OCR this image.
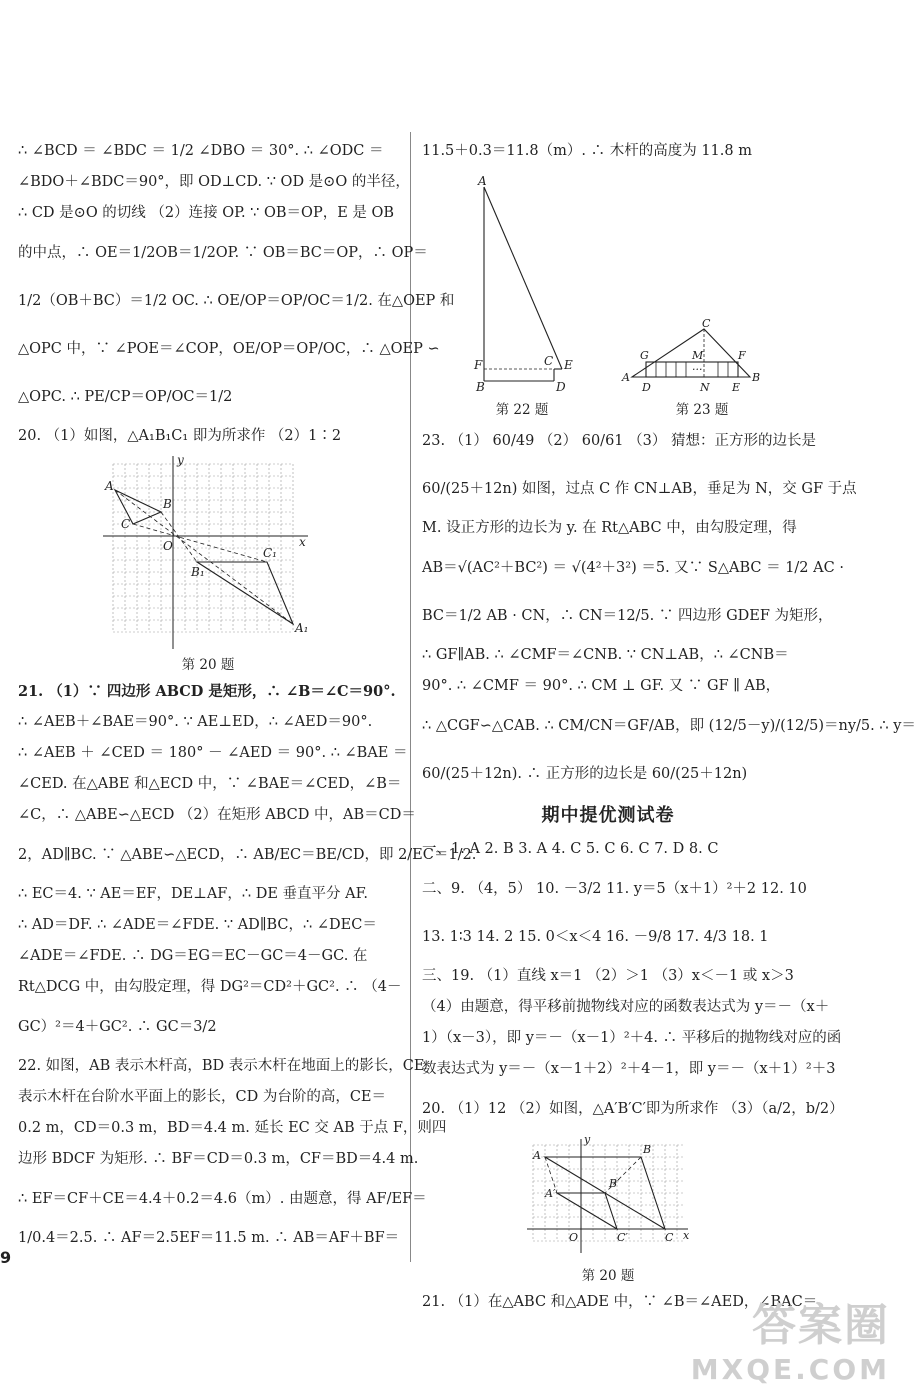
∴ ∠BCD ＝ ∠BDC ＝ 1/2 ∠DBO ＝ 30°. ∴ ∠ODC ＝
∠BDO＋∠BDC＝90°，即 OD⊥CD. ∵ OD 是⊙O 的半径，
∴ CD 是⊙O 的切线 （2）连接 OP. ∵ OB＝OP，E 是 OB
的中点，∴ OE＝1/2OB＝1/2OP. ∵ OB＝BC＝OP，∴ OP＝
1/2（OB＋BC）＝1/2 OC. ∴ OE/OP＝OP/OC＝1/2. 在△OEP 和
△OPC 中，∵ ∠POE＝∠COP，OE/OP＝OP/OC，∴ △OEP ∽
△OPC. ∴ PE/CP＝OP/OC＝1/2
20. （1）如图，△A₁B₁C₁ 即为所求作 （2）1∶2
A
B
C
O	C₁
B₁
A₁
x
y
第 20 题
21. （1）∵ 四边形 ABCD 是矩形，∴ ∠B＝∠C＝90°.
∴ ∠AEB＋∠BAE＝90°. ∵ AE⊥ED，∴ ∠AED＝90°.
∴ ∠AEB ＋ ∠CED ＝ 180° － ∠AED ＝ 90°. ∴ ∠BAE ＝
∠CED. 在△ABE 和△ECD 中，∵ ∠BAE＝∠CED，∠B＝
∠C，∴ △ABE∽△ECD （2）在矩形 ABCD 中，AB＝CD＝
2，AD∥BC. ∵ △ABE∽△ECD，∴ AB/EC＝BE/CD，即 2/EC＝1/2.
∴ EC＝4. ∵ AE＝EF，DE⊥AF，∴ DE 垂直平分 AF.
∴ AD＝DF. ∴ ∠ADE＝∠FDE. ∵ AD∥BC，∴ ∠DEC＝
∠ADE＝∠FDE. ∴ DG＝EG＝EC－GC＝4－GC. 在
Rt△DCG 中，由勾股定理，得 DG²＝CD²＋GC². ∴ （4－
GC）²＝4＋GC². ∴ GC＝3/2
22. 如图，AB 表示木杆高，BD 表示木杆在地面上的影长，CE
表示木杆在台阶水平面上的影长，CD 为台阶的高，CE＝
0.2 m，CD＝0.3 m，BD＝4.4 m. 延长 EC 交 AB 于点 F，则四
边形 BDCF 为矩形. ∴ BF＝CD＝0.3 m，CF＝BD＝4.4 m.
∴ EF＝CF＋CE＝4.4＋0.2＝4.6（m）. 由题意，得 AF/EF＝
1/0.4＝2.5. ∴ AF＝2.5EF＝11.5 m. ∴ AB＝AF＋BF＝
9
11.5＋0.3＝11.8（m）. ∴ 木杆的高度为 11.8 m
A
F	C E
B	D
第 22 题
C
G	M	F
A
D	N E
B
···
第 23 题
23. （1） 60/49 （2） 60/61 （3） 猜想：正方形的边长是
60/(25＋12n) 如图，过点 C 作 CN⊥AB，垂足为 N，交 GF 于点
M. 设正方形的边长为 y. 在 Rt△ABC 中，由勾股定理，得
AB＝√(AC²＋BC²) ＝ √(4²＋3²) ＝5. 又∵ S△ABC ＝ 1/2 AC ·
BC＝1/2 AB · CN，∴ CN＝12/5. ∵ 四边形 GDEF 为矩形，
∴ GF∥AB. ∴ ∠CMF＝∠CNB. ∵ CN⊥AB，∴ ∠CNB＝
90°. ∴ ∠CMF ＝ 90°. ∴ CM ⊥ GF. 又 ∵ GF ∥ AB，
∴ △CGF∽△CAB. ∴ CM/CN＝GF/AB，即 (12/5－y)/(12/5)＝ny/5. ∴ y＝
60/(25＋12n). ∴ 正方形的边长是 60/(25＋12n)
期中提优测试卷
一、1. A 2. B 3. A 4. C 5. C 6. C 7. D 8. C
二、9. （4，5） 10. －3/2 11. y＝5（x＋1）²＋2 12. 10
13. 1∶3 14. 2 15. 0＜x＜4 16. －9/8 17. 4/3 18. 1
三、19. （1）直线 x＝1 （2）＞1 （3）x＜－1 或 x＞3
（4）由题意，得平移前抛物线对应的函数表达式为 y＝－（x＋
1）（x－3），即 y＝－（x－1）²＋4. ∴ 平移后的抛物线对应的函
数表达式为 y＝－（x－1＋2）²＋4－1，即 y＝－（x＋1）²＋3
20. （1）12 （2）如图，△A′B′C′即为所求作 （3）（a/2，b/2）
y
A	B
A′
B′
O	C′	C x
第 20 题
21. （1）在△ABC 和△ADE 中，∵ ∠B＝∠AED，∠BAC＝
答案圈
MXQE.COM
